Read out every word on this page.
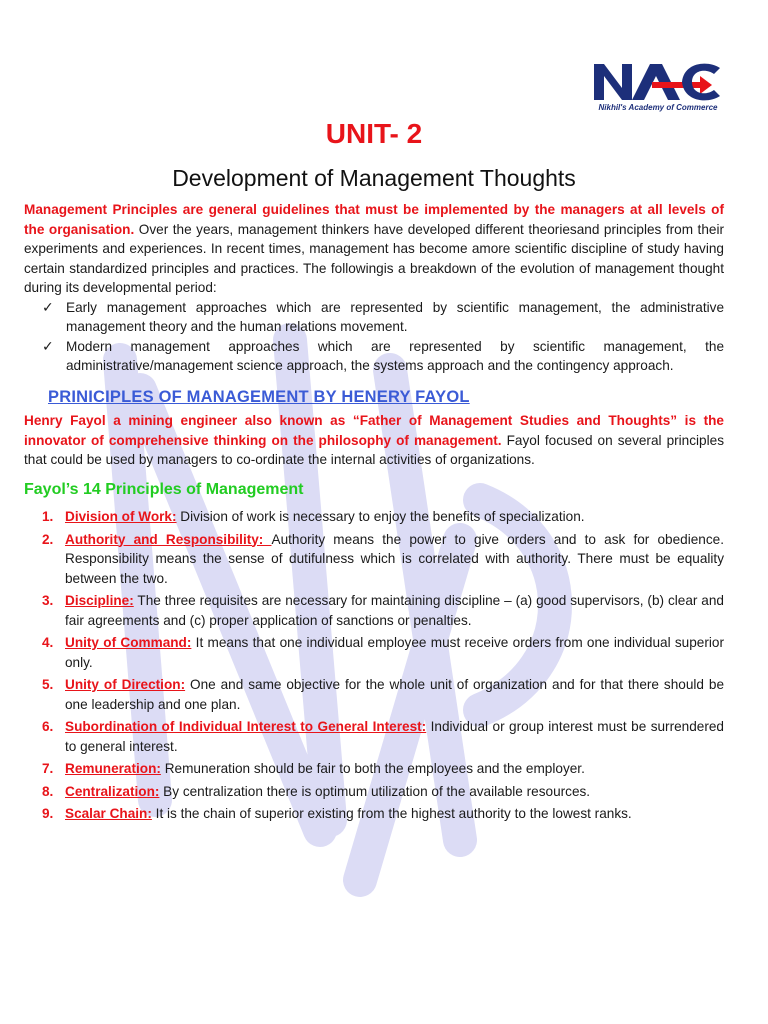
Nikhil's Academy of Commerce
UNIT- 2
Development of Management Thoughts

Management Principles are general guidelines that must be implemented by the managers at all levels of the organisation. Over the years, management thinkers have developed different theoriesand principles from their experiments and experiences. In recent times, management has become amore scientific discipline of study having certain standardized principles and practices. The followingis a breakdown of the evolution of management thought during its developmental period:

✓ Early management approaches which are represented by scientific management, the administrative management theory and the human relations movement.
✓ Modern management approaches which are represented by scientific management, the administrative/management science approach, the systems approach and the contingency approach.
PRINICIPLES OF MANAGEMENT BY HENERY FAYOL

Henry Fayol a mining engineer also known as “Father of Management Studies and Thoughts” is the innovator of comprehensive thinking on the philosophy of management. Fayol focused on several principles that could be used by managers to co-ordinate the internal activities of organizations.

Fayol’s 14 Principles of Management
1. Division of Work: Division of work is necessary to enjoy the benefits of specialization.
2. Authority and Responsibility: Authority means the power to give orders and to ask for obedience. Responsibility means the sense of dutifulness which is correlated with authority. There must be equality between the two.
3. Discipline: The three requisites are necessary for maintaining discipline – (a) good supervisors, (b) clear and fair agreements and (c) proper application of sanctions or penalties.
4. Unity of Command: It means that one individual employee must receive orders from one individual superior only.
5. Unity of Direction: One and same objective for the whole unit of organization and for that there should be one leadership and one plan.
6. Subordination of Individual Interest to General Interest: Individual or group interest must be surrendered to general interest.
7. Remuneration: Remuneration should be fair to both the employees and the employer.
8. Centralization: By centralization there is optimum utilization of the available resources.
9. Scalar Chain: It is the chain of superior existing from the highest authority to the lowest ranks.
